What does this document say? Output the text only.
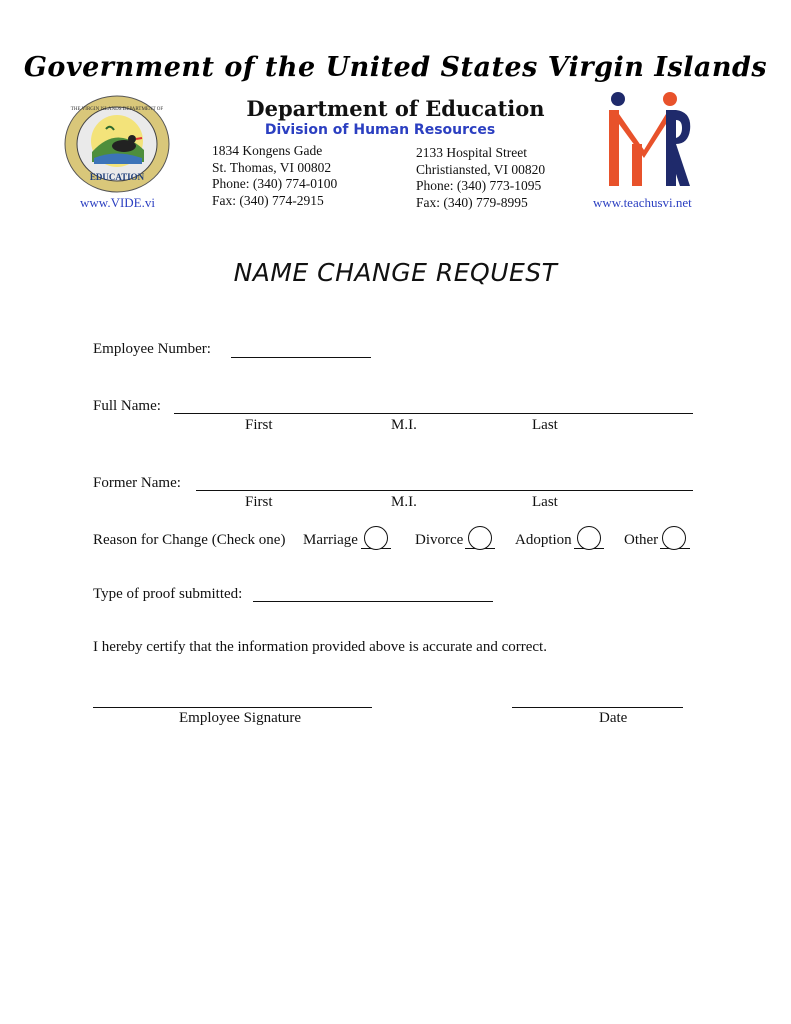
Government of the United States Virgin Islands
EDUCATION
THE VIRGIN ISLANDS DEPARTMENT OF
www.VIDE.vi
Department of Education
Division of Human Resources
1834 Kongens Gade
St. Thomas, VI 00802
Phone: (340) 774-0100
Fax: (340) 774-2915
2133 Hospital Street
Christiansted, VI 00820
Phone: (340) 773-1095
Fax: (340) 779-8995	www.teachusvi.net
NAME CHANGE REQUEST
Employee Number:
Full Name:
First	M.I.	Last
Former Name:
First	M.I.	Last
Reason for Change (Check one) Marriage	Divorce	Adoption	Other
Type of proof submitted:
I hereby certify that the information provided above is accurate and correct.
Employee Signature	Date
